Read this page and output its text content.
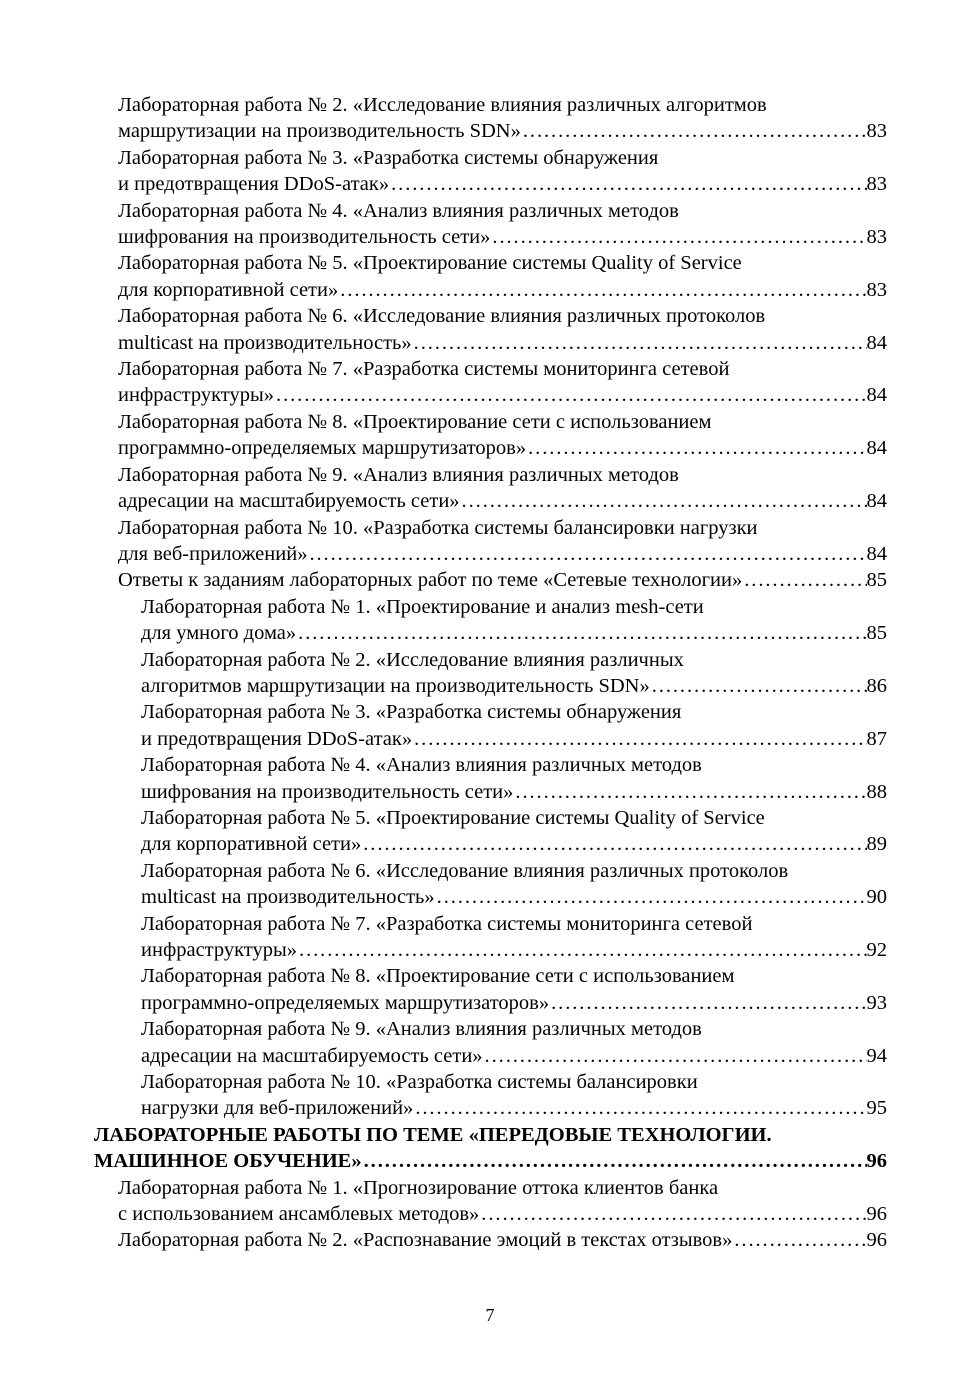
Лабораторная работа № 2. «Исследование влияния различных алгоритмов
маршрутизации на производительность SDN» . . .	83
Лабораторная работа № 3. «Разработка системы обнаружения
и предотвращения DDoS-атак» . . .	83
Лабораторная работа № 4. «Анализ влияния различных методов
шифрования на производительность сети» . . .	83
Лабораторная работа № 5. «Проектирование системы Quality of Service
для корпоративной сети» . . .	83
Лабораторная работа № 6. «Исследование влияния различных протоколов
multicast на производительность» . . .	84
Лабораторная работа № 7. «Разработка системы мониторинга сетевой
инфраструктуры» . . .	84
Лабораторная работа № 8. «Проектирование сети с использованием
программно-определяемых маршрутизаторов» . . .	84
Лабораторная работа № 9. «Анализ влияния различных методов
адресации на масштабируемость сети» . . .	84
Лабораторная работа № 10. «Разработка системы балансировки нагрузки
для веб-приложений» . . .	84
Ответы к заданиям лабораторных работ по теме «Сетевые технологии» . . .	85
Лабораторная работа № 1. «Проектирование и анализ mesh-сети
для умного дома» . . .	85
Лабораторная работа № 2. «Исследование влияния различных
алгоритмов маршрутизации на производительность SDN» . . .	86
Лабораторная работа № 3. «Разработка системы обнаружения
и предотвращения DDoS-атак» . . .	87
Лабораторная работа № 4. «Анализ влияния различных методов
шифрования на производительность сети» . . .	88
Лабораторная работа № 5. «Проектирование системы Quality of Service
для корпоративной сети» . . .	89
Лабораторная работа № 6. «Исследование влияния различных протоколов
multicast на производительность» . . .	90
Лабораторная работа № 7. «Разработка системы мониторинга сетевой
инфраструктуры» . . .	92
Лабораторная работа № 8. «Проектирование сети с использованием
программно-определяемых маршрутизаторов» . . .	93
Лабораторная работа № 9. «Анализ влияния различных методов
адресации на масштабируемость сети» . . .	94
Лабораторная работа № 10. «Разработка системы балансировки
нагрузки для веб-приложений» . . .	95
ЛАБОРАТОРНЫЕ РАБОТЫ ПО ТЕМЕ «ПЕРЕДОВЫЕ ТЕХНОЛОГИИ.
МАШИННОЕ ОБУЧЕНИЕ» . . .	96
Лабораторная работа № 1. «Прогнозирование оттока клиентов банка
с использованием ансамблевых методов» . . .	96
Лабораторная работа № 2. «Распознавание эмоций в текстах отзывов» . . .	96
7
